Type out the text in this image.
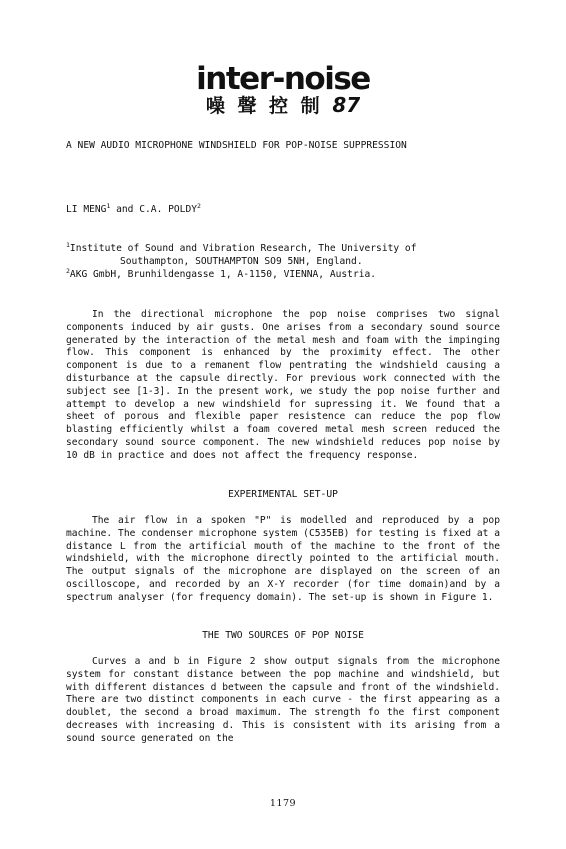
inter-noise
噪 聲 控 制 87
A NEW AUDIO MICROPHONE WINDSHIELD FOR POP-NOISE SUPPRESSION
LI MENG$^1$ and C.A. POLDY$^2$
$^1$Institute of Sound and Vibration Research, The University of
Southampton, SOUTHAMPTON SO9 5NH, England.
$^2$AKG GmbH, Brunhildengasse 1, A-1150, VIENNA, Austria.
In the directional microphone the pop noise comprises two signal components induced by air gusts. One arises from a secondary sound source generated by the interaction of the metal mesh and foam with the impinging flow. This component is enhanced by the proximity effect. The other component is due to a remanent flow pentrating the windshield causing a disturbance at the capsule directly. For previous work connected with the subject see [1-3]. In the present work, we study the pop noise further and attempt to develop a new windshield for supressing it. We found that a sheet of porous and flexible paper resistence can reduce the pop flow blasting efficiently whilst a foam covered metal mesh screen reduced the secondary sound source component. The new windshield reduces pop noise by 10 dB in practice and does not affect the frequency response.
EXPERIMENTAL SET-UP
The air flow in a spoken "P" is modelled and reproduced by a pop machine. The condenser microphone system (C535EB) for testing is fixed at a distance L from the artificial mouth of the machine to the front of the windshield, with the microphone directly pointed to the artificial mouth. The output signals of the microphone are displayed on the screen of an oscilloscope, and recorded by an X-Y recorder (for time domain)and by a spectrum analyser (for frequency domain). The set-up is shown in Figure 1.
THE TWO SOURCES OF POP NOISE
Curves a and b in Figure 2 show output signals from the microphone system for constant distance between the pop machine and windshield, but with different distances d between the capsule and front of the windshield. There are two distinct components in each curve - the first appearing as a doublet, the second a broad maximum. The strength fo the first component decreases with increasing d. This is consistent with its arising from a sound source generated on the
1179
